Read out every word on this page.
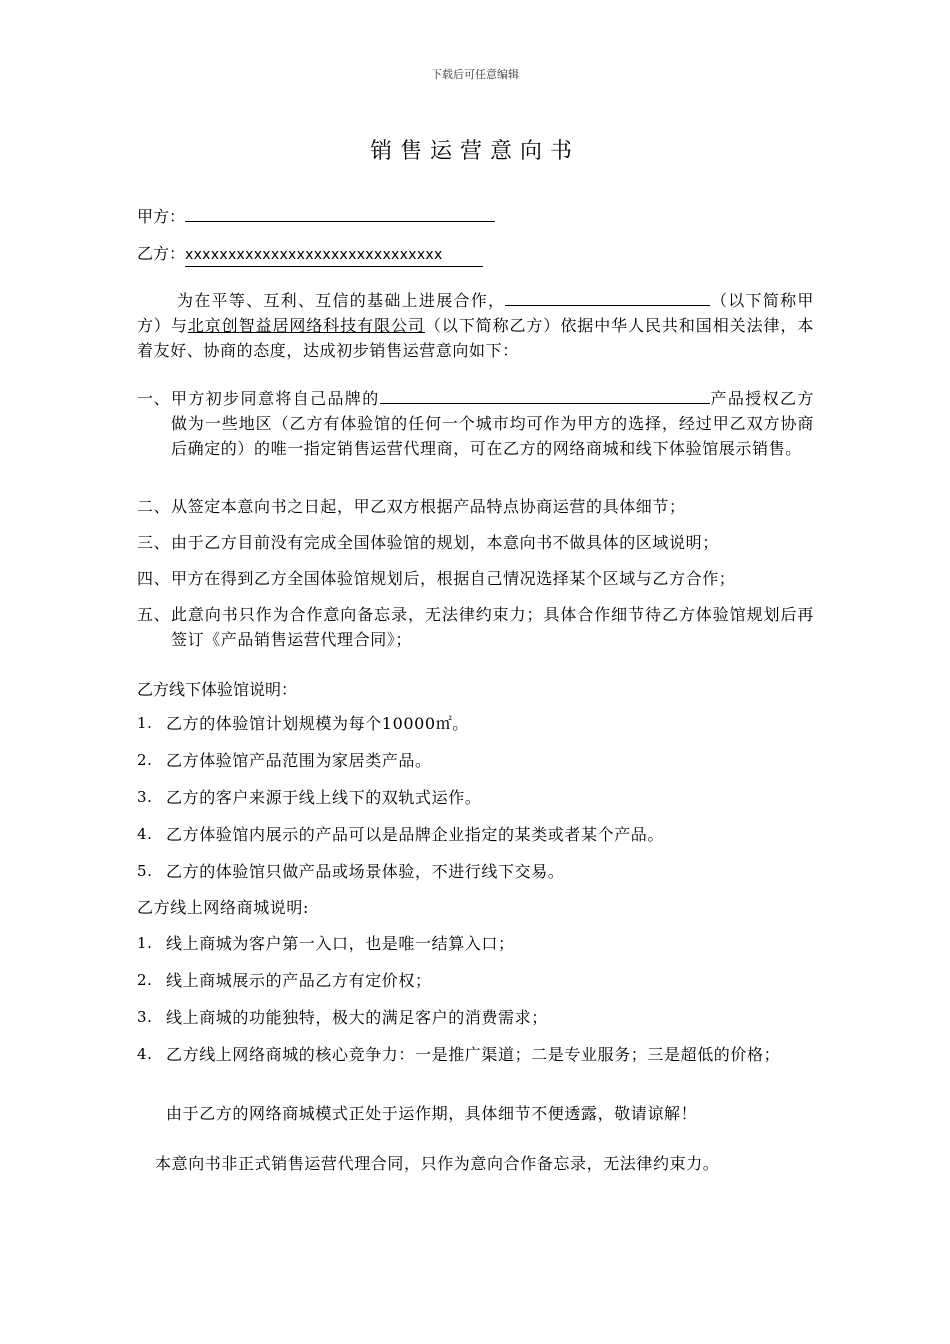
下载后可任意编辑
销售运营意向书
甲方：
乙方：xxxxxxxxxxxxxxxxxxxxxxxxxxxxxx

为在平等、互利、互信的基础上进展合作，	（以下简称甲方）与北京创智益居网络科技有限公司（以下简称乙方）依据中华人民共和国相关法律，本着友好、协商的态度，达成初步销售运营意向如下：

一、 甲方初步同意将自己品牌的	产品授权乙方做为一些地区（乙方有体验馆的任何一个城市均可作为甲方的选择，经过甲乙双方协商后确定的）的唯一指定销售运营代理商，可在乙方的网络商城和线下体验馆展示销售。
二、 从签定本意向书之日起，甲乙双方根据产品特点协商运营的具体细节；
三、 由于乙方目前没有完成全国体验馆的规划，本意向书不做具体的区域说明；
四、 甲方在得到乙方全国体验馆规划后，根据自己情况选择某个区域与乙方合作；
五、 此意向书只作为合作意向备忘录，无法律约束力；具体合作细节待乙方体验馆规划后再签订《产品销售运营代理合同》；
乙方线下体验馆说明：
1. 乙方的体验馆计划规模为每个10000㎡。
2. 乙方体验馆产品范围为家居类产品。
3. 乙方的客户来源于线上线下的双轨式运作。
4. 乙方体验馆内展示的产品可以是品牌企业指定的某类或者某个产品。
5. 乙方的体验馆只做产品或场景体验，不进行线下交易。
乙方线上网络商城说明:
1. 线上商城为客户第一入口，也是唯一结算入口；
2. 线上商城展示的产品乙方有定价权；
3. 线上商城的功能独特，极大的满足客户的消费需求；
4. 乙方线上网络商城的核心竞争力：一是推广渠道；二是专业服务；三是超低的价格；
由于乙方的网络商城模式正处于运作期，具体细节不便透露，敬请谅解！
本意向书非正式销售运营代理合同，只作为意向合作备忘录，无法律约束力。
